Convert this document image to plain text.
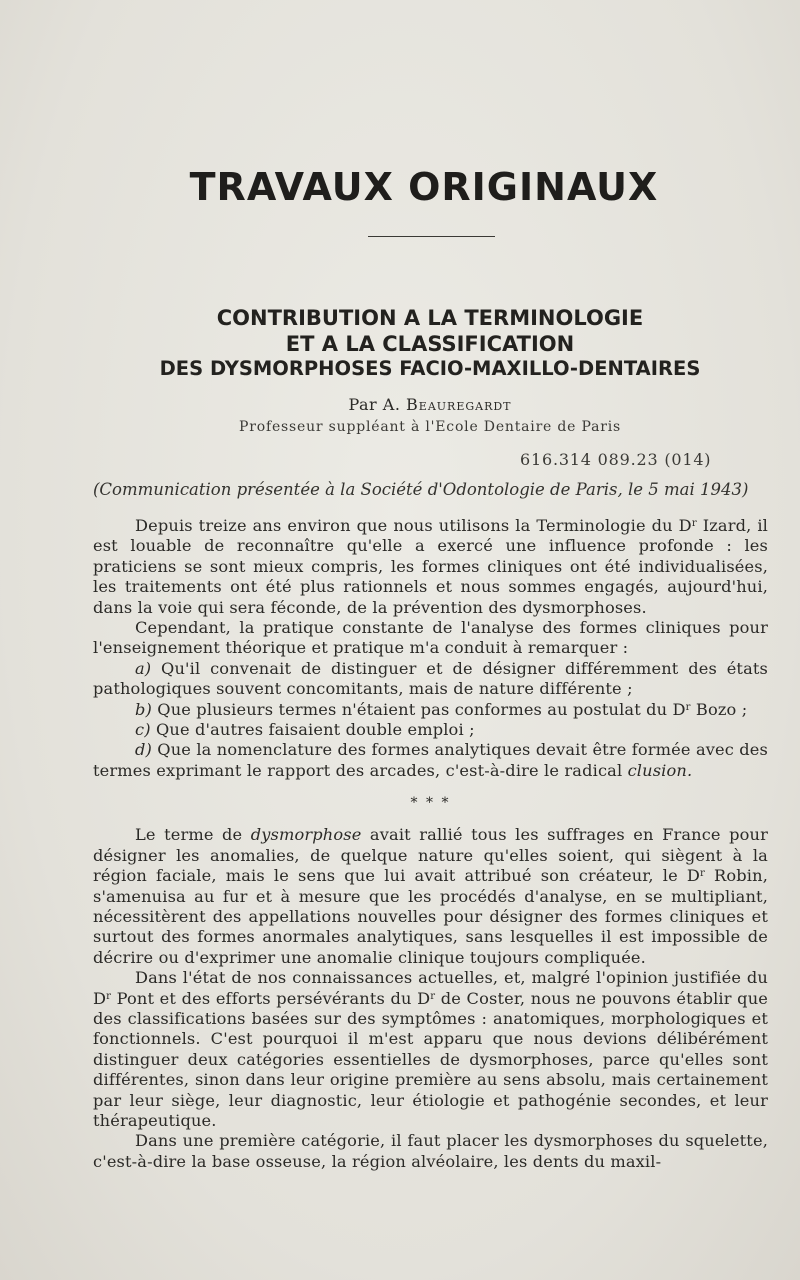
TRAVAUX ORIGINAUX
CONTRIBUTION A LA TERMINOLOGIE
ET A LA CLASSIFICATION
DES DYSMORPHOSES FACIO-MAXILLO-DENTAIRES
Par A. Beauregardt
Professeur suppléant à l'Ecole Dentaire de Paris
616.314 089.23 (014)
(Communication présentée à la Société d'Odontologie de Paris, le 5 mai 1943)

Depuis treize ans environ que nous utilisons la Terminologie du $D^r$ Izard, il est louable de reconnaître qu'elle a exercé une influence profonde : les praticiens se sont mieux compris, les formes cliniques ont été individualisées, les traitements ont été plus rationnels et nous sommes engagés, aujourd'hui, dans la voie qui sera féconde, de la prévention des dysmorphoses.

Cependant, la pratique constante de l'analyse des formes cliniques pour l'enseignement théorique et pratique m'a conduit à remarquer :

a) Qu'il convenait de distinguer et de désigner différemment des états pathologiques souvent concomitants, mais de nature différente ;

b) Que plusieurs termes n'étaient pas conformes au postulat du $D^r$ Bozo ;

c) Que d'autres faisaient double emploi ;

d) Que la nomenclature des formes analytiques devait être formée avec des termes exprimant le rapport des arcades, c'est-à-dire le radical clusion.

* * *

Le terme de dysmorphose avait rallié tous les suffrages en France pour désigner les anomalies, de quelque nature qu'elles soient, qui siègent à la région faciale, mais le sens que lui avait attribué son créateur, le $D^r$ Robin, s'amenuisa au fur et à mesure que les procédés d'analyse, en se multipliant, nécessitèrent des appellations nouvelles pour désigner des formes cliniques et surtout des formes anormales analytiques, sans lesquelles il est impossible de décrire ou d'exprimer une anomalie clinique toujours compliquée.

Dans l'état de nos connaissances actuelles, et, malgré l'opinion justifiée du $D^r$ Pont et des efforts persévérants du $D^r$ de Coster, nous ne pouvons établir que des classifications basées sur des symptômes : anatomiques, morphologiques et fonctionnels. C'est pourquoi il m'est apparu que nous devions délibérément distinguer deux catégories essentielles de dysmorphoses, parce qu'elles sont différentes, sinon dans leur origine première au sens absolu, mais certainement par leur siège, leur diagnostic, leur étiologie et pathogénie secondes, et leur thérapeutique.

Dans une première catégorie, il faut placer les dysmorphoses du squelette, c'est-à-dire la base osseuse, la région alvéolaire, les dents du maxil-
